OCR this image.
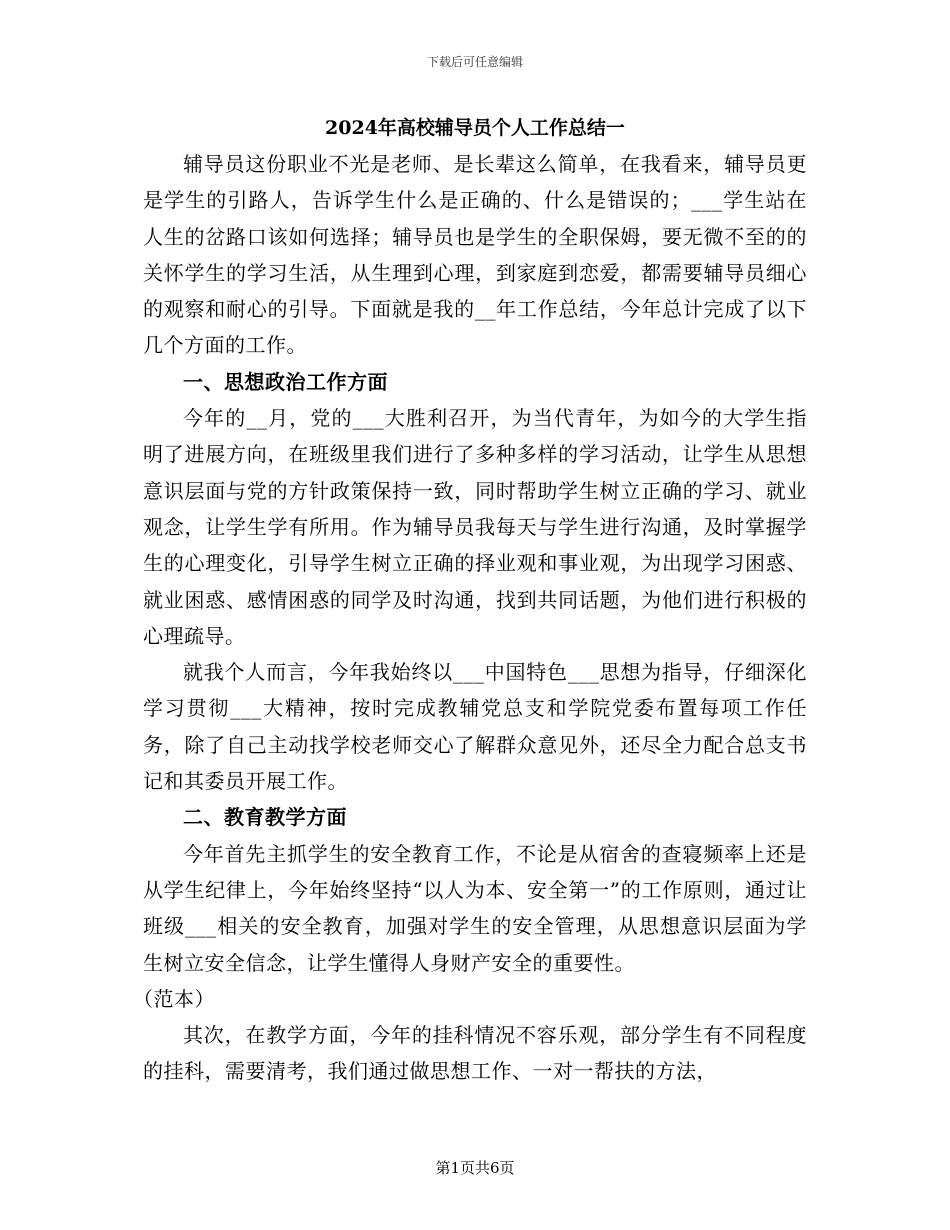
下载后可任意编辑
2024年高校辅导员个人工作总结一

辅导员这份职业不光是老师、是长辈这么简单，在我看来，辅导员更是学生的引路人，告诉学生什么是正确的、什么是错误的；___学生站在人生的岔路口该如何选择；辅导员也是学生的全职保姆，要无微不至的的关怀学生的学习生活，从生理到心理，到家庭到恋爱，都需要辅导员细心的观察和耐心的引导。下面就是我的__年工作总结，今年总计完成了以下几个方面的工作。

一、思想政治工作方面

今年的__月，党的___大胜利召开，为当代青年，为如今的大学生指明了进展方向，在班级里我们进行了多种多样的学习活动，让学生从思想意识层面与党的方针政策保持一致，同时帮助学生树立正确的学习、就业观念，让学生学有所用。作为辅导员我每天与学生进行沟通，及时掌握学生的心理变化，引导学生树立正确的择业观和事业观，为出现学习困惑、就业困惑、感情困惑的同学及时沟通，找到共同话题，为他们进行积极的心理疏导。

就我个人而言，今年我始终以___中国特色___思想为指导，仔细深化学习贯彻___大精神，按时完成教辅党总支和学院党委布置每项工作任务，除了自己主动找学校老师交心了解群众意见外，还尽全力配合总支书记和其委员开展工作。

二、教育教学方面

今年首先主抓学生的安全教育工作，不论是从宿舍的查寝频率上还是从学生纪律上，今年始终坚持“以人为本、安全第一”的工作原则，通过让班级___相关的安全教育，加强对学生的安全管理，从思想意识层面为学生树立安全信念，让学生懂得人身财产安全的重要性。

（范本）

其次，在教学方面，今年的挂科情况不容乐观，部分学生有不同程度的挂科，需要清考，我们通过做思想工作、一对一帮扶的方法，

第1页共6页
